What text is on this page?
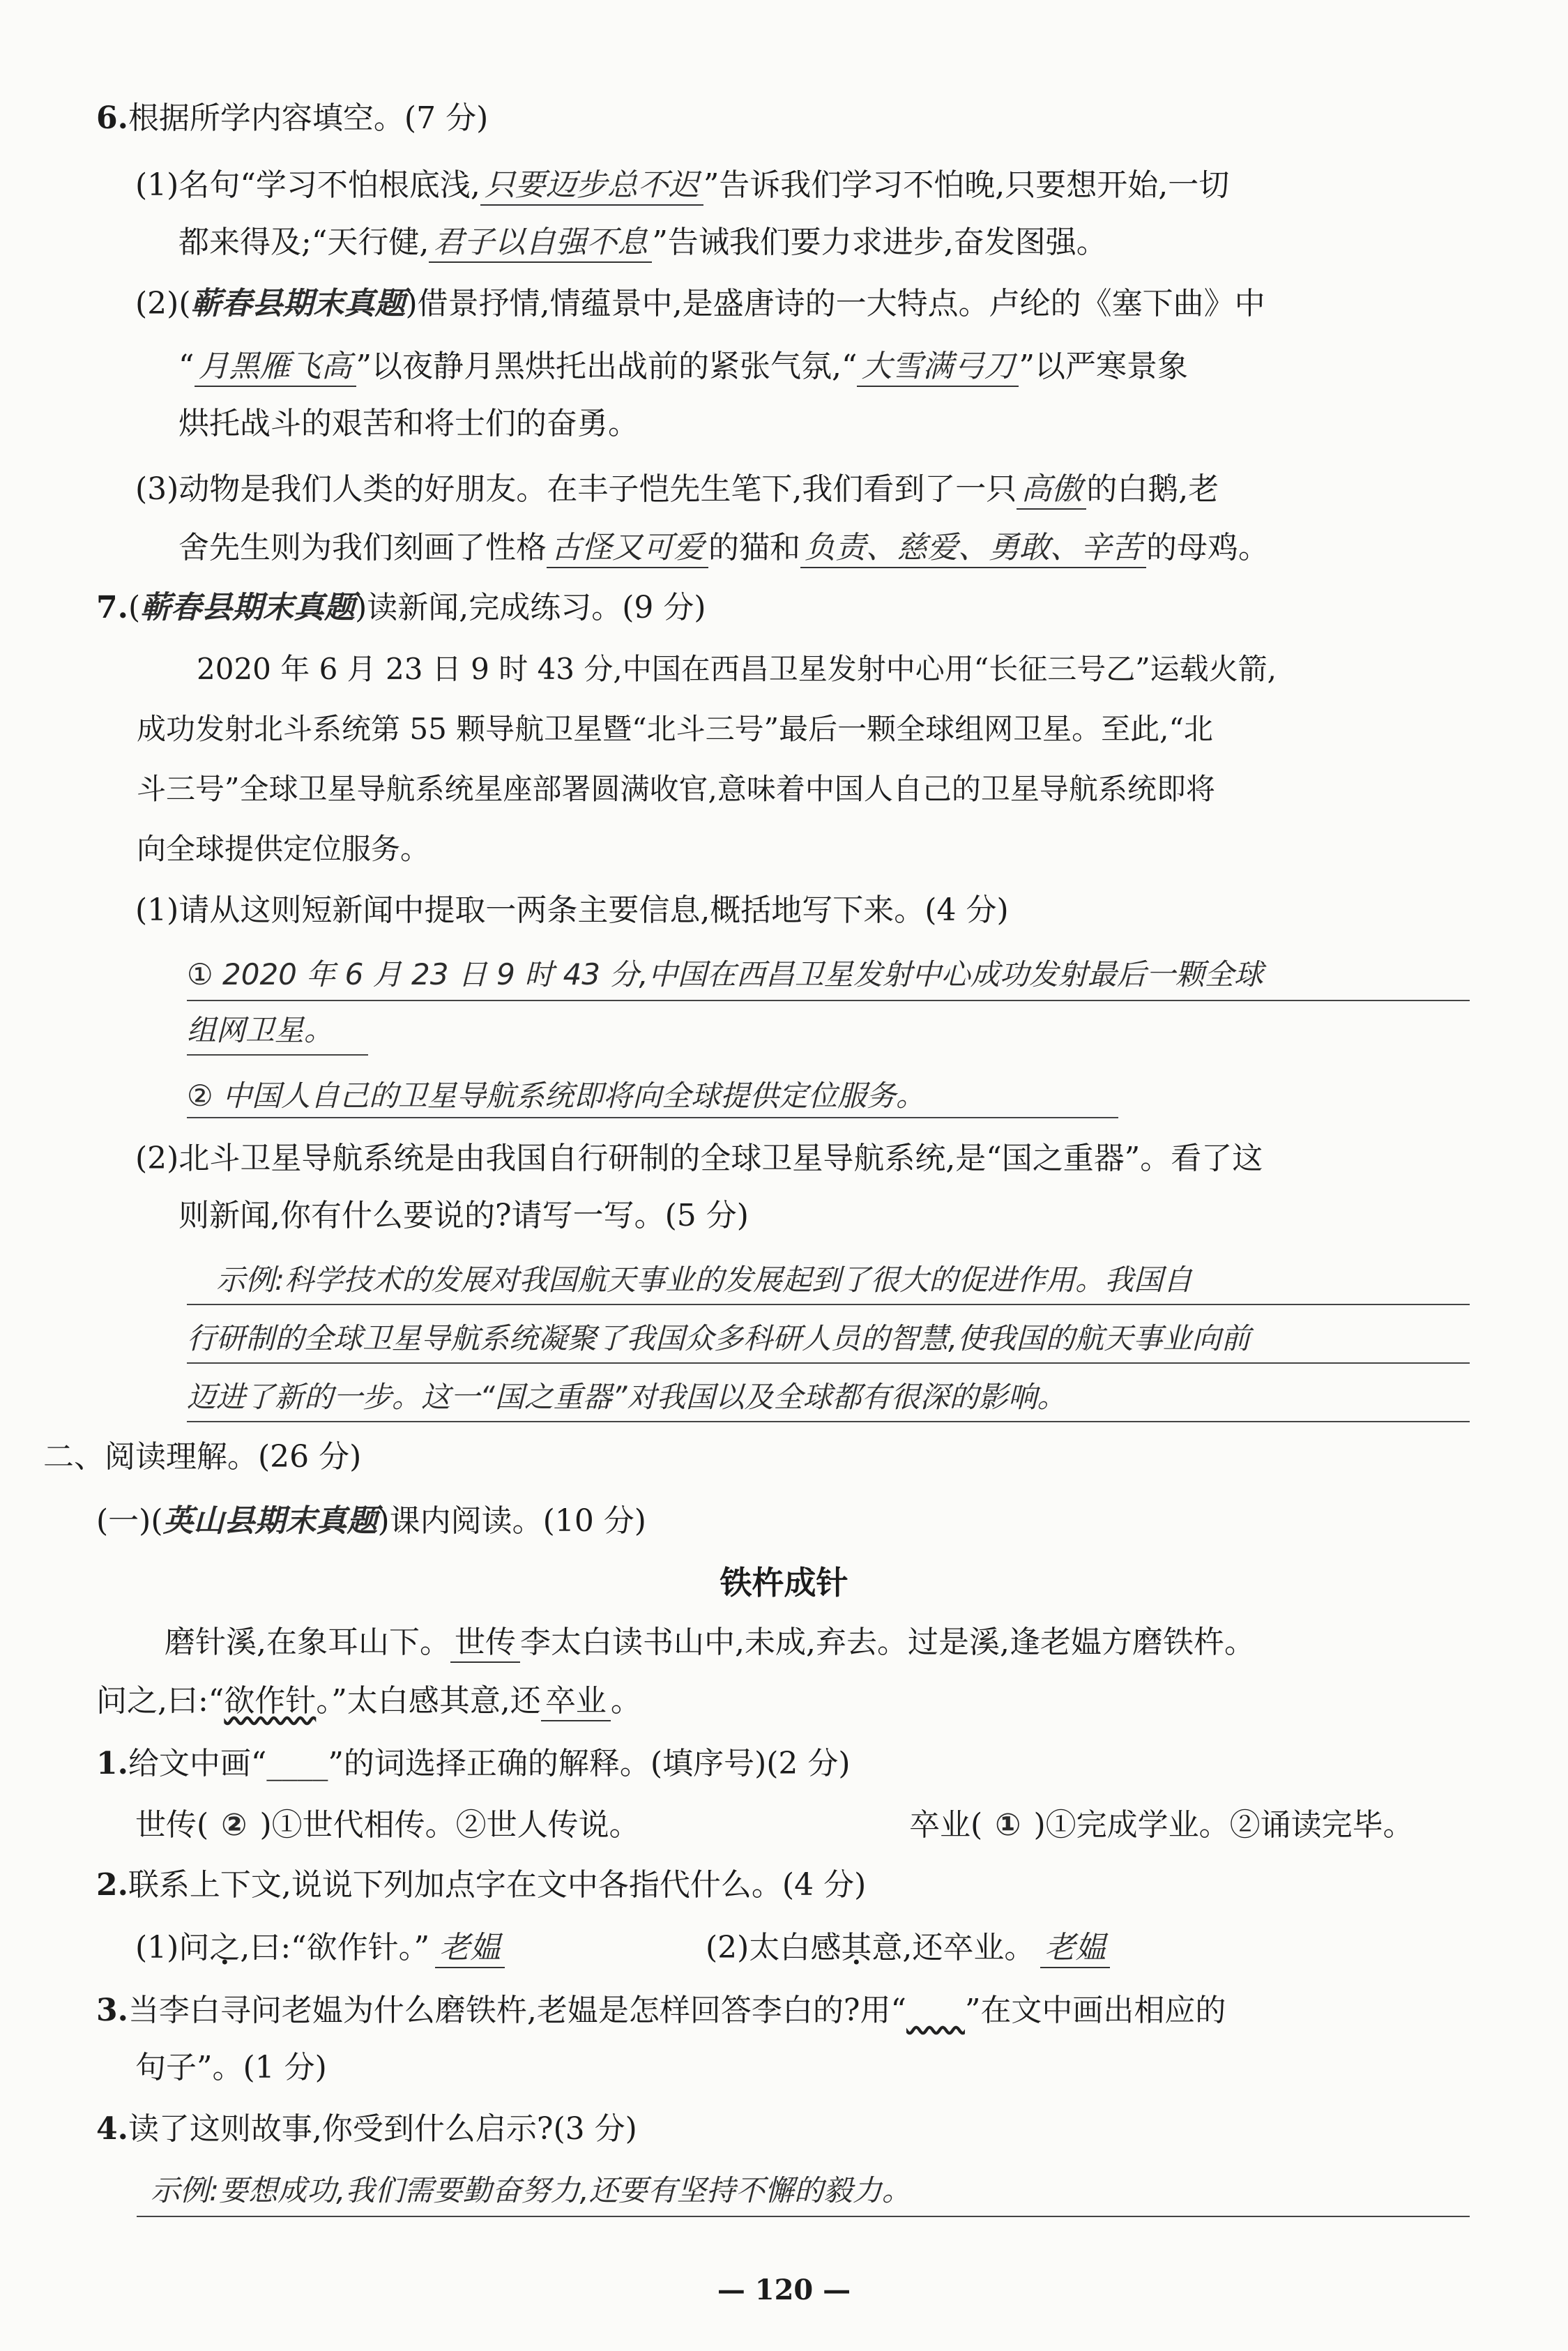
6.根据所学内容填空。(7 分)
(1)名句“学习不怕根底浅, 只要迈步总不迟 ”告诉我们学习不怕晚,只要想开始,一切
都来得及;“天行健, 君子以自强不息 ”告诫我们要力求进步,奋发图强。
(2)(蕲春县期末真题)借景抒情,情蕴景中,是盛唐诗的一大特点。卢纶的《塞下曲》中
“ 月黑雁飞高 ”以夜静月黑烘托出战前的紧张气氛,“ 大雪满弓刀 ”以严寒景象
烘托战斗的艰苦和将士们的奋勇。
(3)动物是我们人类的好朋友。在丰子恺先生笔下,我们看到了一只 高傲 的白鹅,老
舍先生则为我们刻画了性格 古怪又可爱 的猫和 负责、慈爱、勇敢、辛苦 的母鸡。
7.(蕲春县期末真题)读新闻,完成练习。(9 分)
2020 年 6 月 23 日 9 时 43 分,中国在西昌卫星发射中心用“长征三号乙”运载火箭,
成功发射北斗系统第 55 颗导航卫星暨“北斗三号”最后一颗全球组网卫星。至此,“北
斗三号”全球卫星导航系统星座部署圆满收官,意味着中国人自己的卫星导航系统即将
向全球提供定位服务。
(1)请从这则短新闻中提取一两条主要信息,概括地写下来。(4 分)
① 2020 年 6 月 23 日 9 时 43 分,中国在西昌卫星发射中心成功发射最后一颗全球
组网卫星。
② 中国人自己的卫星导航系统即将向全球提供定位服务。
(2)北斗卫星导航系统是由我国自行研制的全球卫星导航系统,是“国之重器”。看了这
则新闻,你有什么要说的?请写一写。(5 分)
示例:科学技术的发展对我国航天事业的发展起到了很大的促进作用。我国自
行研制的全球卫星导航系统凝聚了我国众多科研人员的智慧,使我国的航天事业向前
迈进了新的一步。这一“国之重器”对我国以及全球都有很深的影响。
二、阅读理解。(26 分)
(一)(英山县期末真题)课内阅读。(10 分)
铁杵成针
磨针溪,在象耳山下。 世传 李太白读书山中,未成,弃去。过是溪,逢老媪方磨铁杵。
问之,曰:“欲作针。”太白感其意,还 卒业 。
1.给文中画“____”的词选择正确的解释。(填序号)(2 分)
世传( ② )①世代相传。②世人传说。	卒业( ① )①完成学业。②诵读完毕。
2.联系上下文,说说下列加点字在文中各指代什么。(4 分)
(1)问之,曰:“欲作针。” 老媪	(2)太白感其意,还卒业。 老媪
3.当李白寻问老媪为什么磨铁杵,老媪是怎样回答李白的?用“ ”在文中画出相应的
句子”。(1 分)
4.读了这则故事,你受到什么启示?(3 分)
示例:要想成功,我们需要勤奋努力,还要有坚持不懈的毅力。
— 120 —
